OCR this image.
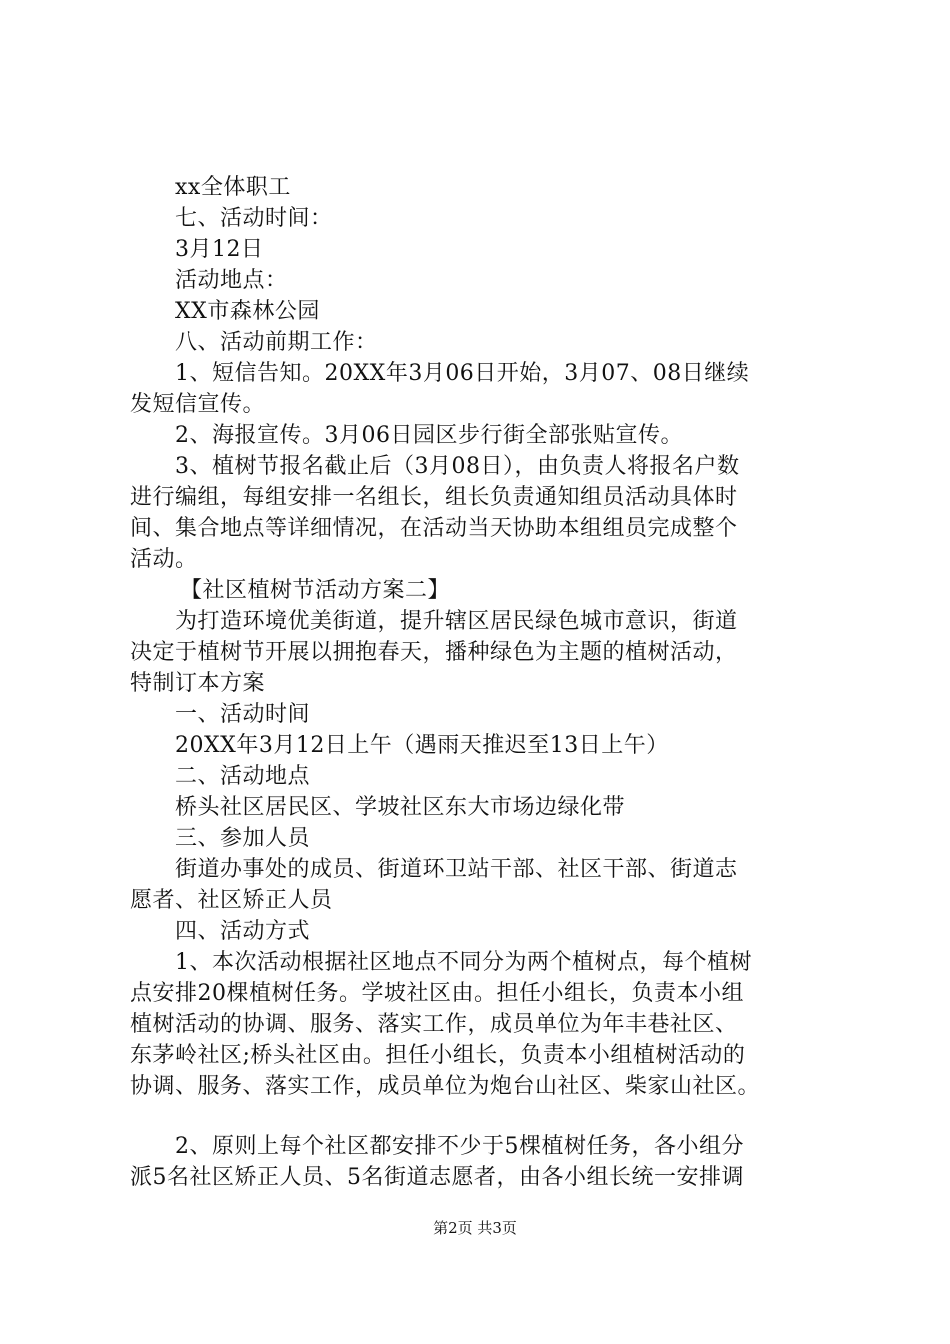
xx全体职工
七、活动时间：
3月12日
活动地点：
XX市森林公园
八、活动前期工作：
1、短信告知。20XX年3月06日开始，3月07、08日继续
发短信宣传。
2、海报宣传。3月06日园区步行街全部张贴宣传。
3、植树节报名截止后（3月08日），由负责人将报名户数
进行编组，每组安排一名组长，组长负责通知组员活动具体时
间、集合地点等详细情况，在活动当天协助本组组员完成整个
活动。
【社区植树节活动方案二】
为打造环境优美街道，提升辖区居民绿色城市意识，街道
决定于植树节开展以拥抱春天，播种绿色为主题的植树活动，
特制订本方案
一、活动时间
20XX年3月12日上午（遇雨天推迟至13日上午）
二、活动地点
桥头社区居民区、学坡社区东大市场边绿化带
三、参加人员
街道办事处的成员、街道环卫站干部、社区干部、街道志
愿者、社区矫正人员
四、活动方式
1、本次活动根据社区地点不同分为两个植树点，每个植树
点安排20棵植树任务。学坡社区由。担任小组长，负责本小组
植树活动的协调、服务、落实工作，成员单位为年丰巷社区、
东茅岭社区;桥头社区由。担任小组长，负责本小组植树活动的
协调、服务、落实工作，成员单位为炮台山社区、柴家山社区。
2、原则上每个社区都安排不少于5棵植树任务，各小组分
派5名社区矫正人员、5名街道志愿者，由各小组长统一安排调
第2页 共3页
